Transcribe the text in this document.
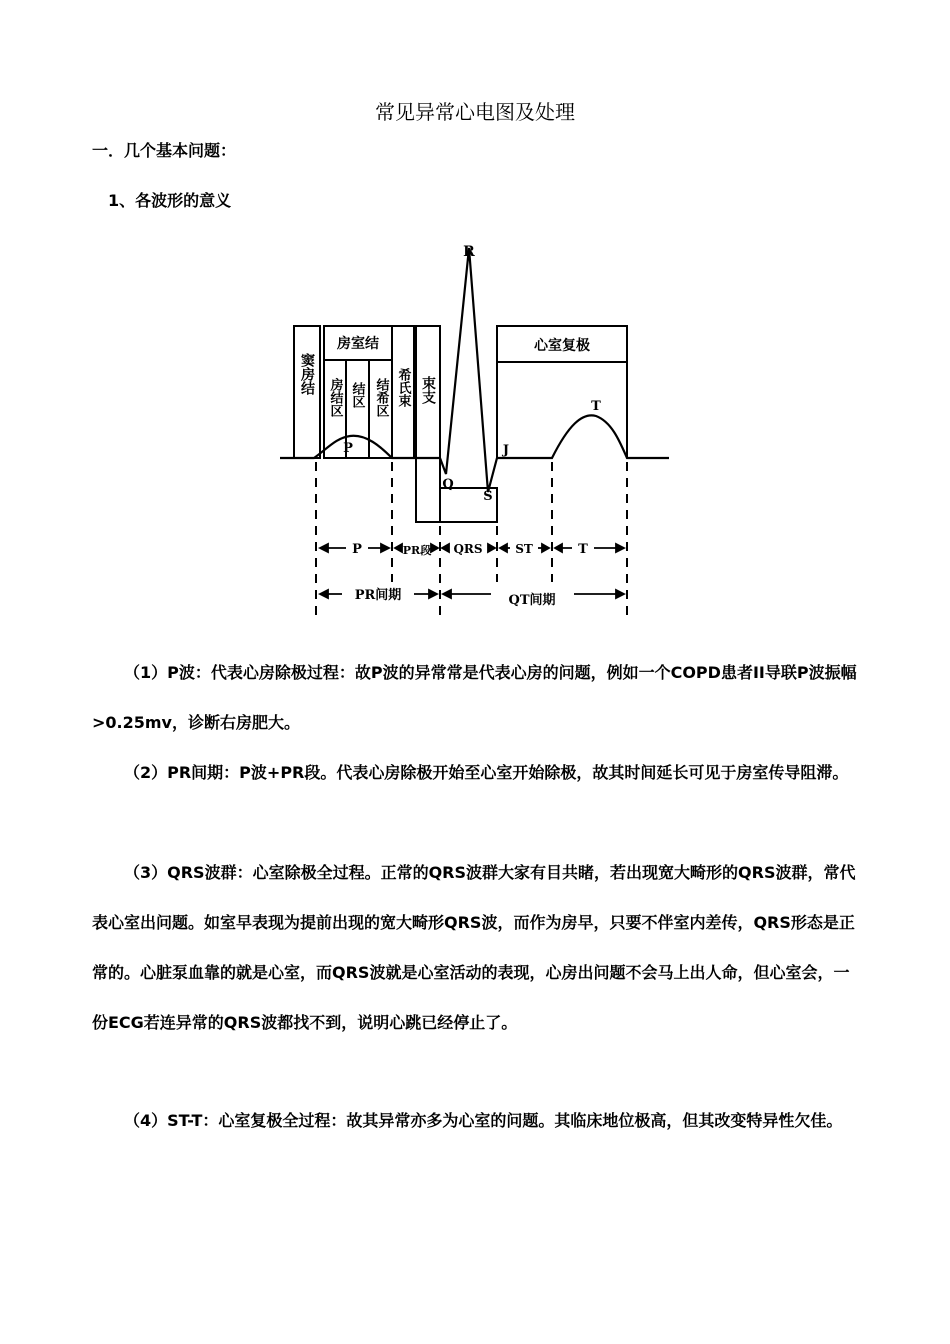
常见异常心电图及处理
一．几个基本问题：
1、各波形的意义
窦房结
房室结
房结区 结区 结希区 希氏束 束支
心室复极
R
P
Q
S
J
T
P	PR段 QRS	ST	T
PR间期	QT间期

（1）P波：代表心房除极过程：故P波的异常常是代表心房的问题，例如一个COPD患者II导联P波振幅>0.25mv，诊断右房肥大。

（2）PR间期：P波+PR段。代表心房除极开始至心室开始除极，故其时间延长可见于房室传导阻滞。

（3）QRS波群：心室除极全过程。正常的QRS波群大家有目共睹，若出现宽大畸形的QRS波群，常代表心室出问题。如室早表现为提前出现的宽大畸形QRS波，而作为房早，只要不伴室内差传，QRS形态是正常的。心脏泵血靠的就是心室，而QRS波就是心室活动的表现，心房出问题不会马上出人命，但心室会，一份ECG若连异常的QRS波都找不到，说明心跳已经停止了。

（4）ST-T：心室复极全过程：故其异常亦多为心室的问题。其临床地位极高，但其改变特异性欠佳。
